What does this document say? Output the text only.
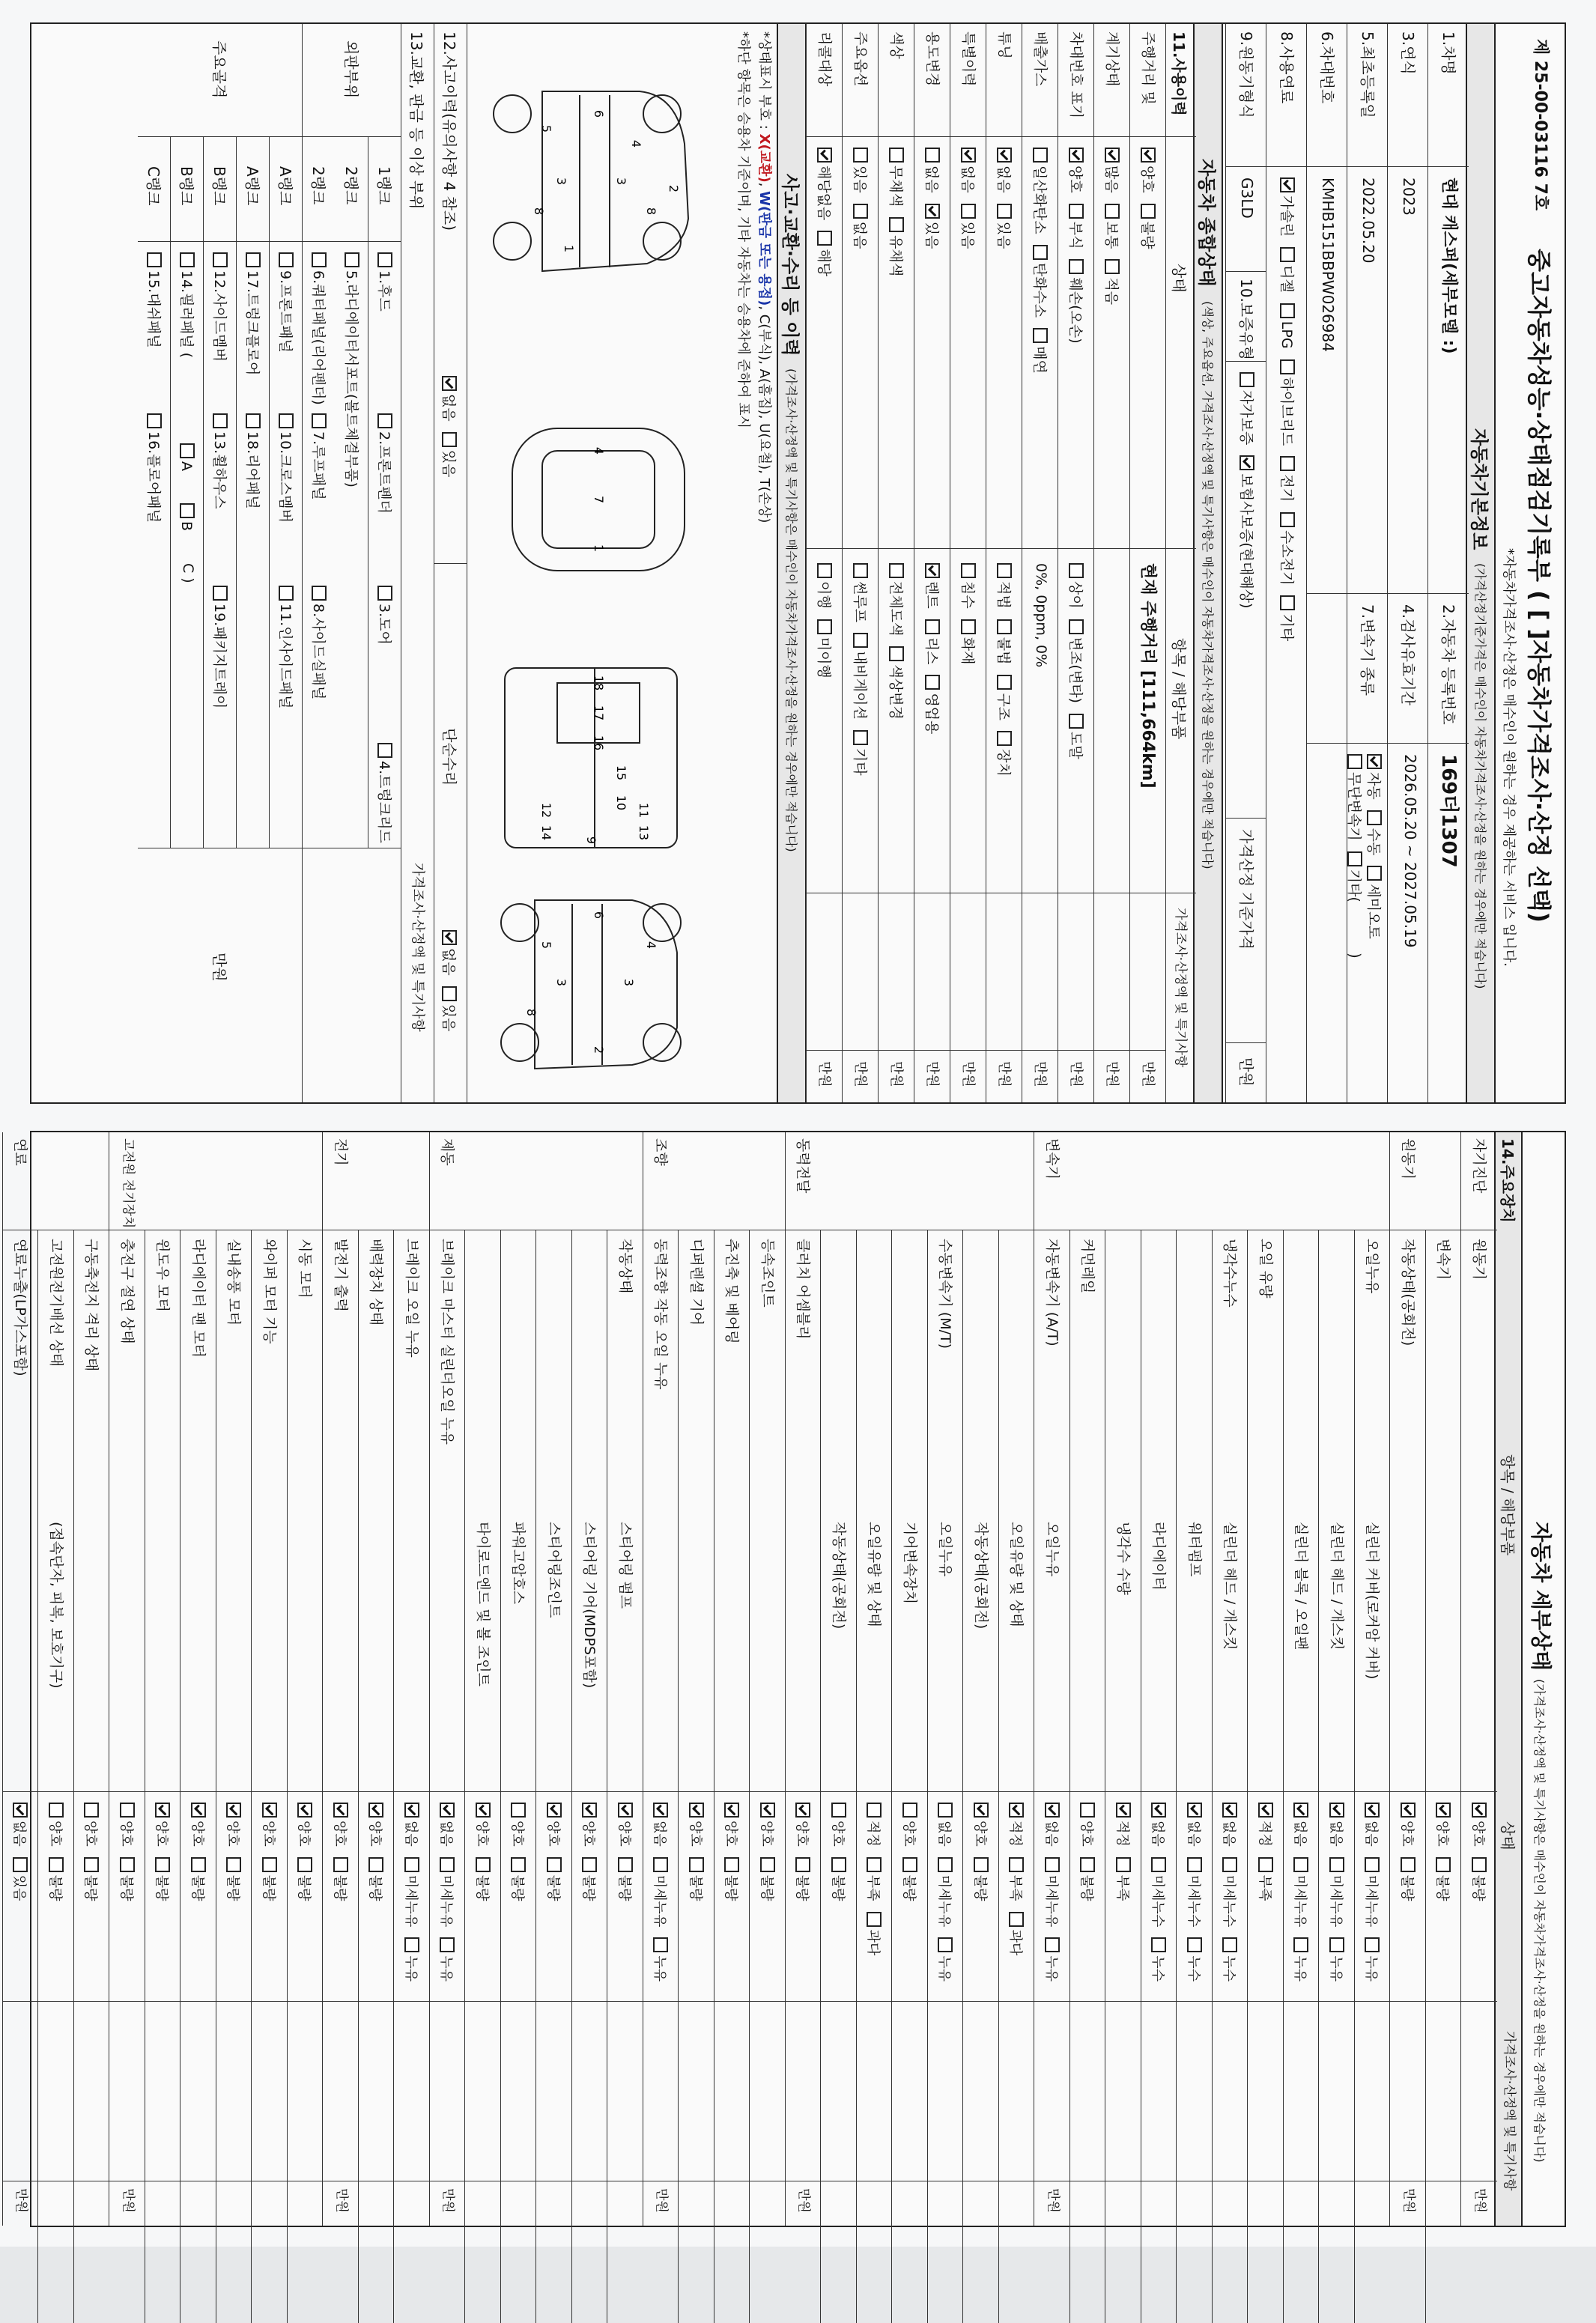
제 25-00-03116 7호
중고자동차성능·상태점검기록부 ( [ ]자동차가격조사·산정 선택)
*자동차가격조사·산정은 매수인이 원하는 경우 제공하는 서비스 입니다.
자동차기본정보
(가격산정기준가격은 매수인이 자동차가격조사·산정을 원하는 경우에만 적습니다)
자동차 종합상태
(색상, 주요옵션, 가격조사·산정액 및 특기사항은 매수인이 자동차가격조사·산정을 원하는 경우에만 적습니다)
11.사용이력
상태
항목 / 해당부품
가격조사·산정액 및 특기사항
사고·교환·수리 등 이력
(가격조사·산정액 및 특기사항은 매수인이 자동차가격조사·산정을 원하는 경우에만 적습니다)
*상태표시 부호 : X(교환), W(판금 또는 용접), C(부식), A(흠집), U(요철), T(손상)
*하단 항목은 승용차 기준이며, 기타 자동차는 승용차에 준하여 표시
1
2
3
3
4
5
6
8	8
1
4
7
16
17
18
15
10 11
12
13
14	9
2
3
3
4
5
6
8
1.차명
현대 캐스퍼(세부모델 :)
2.자동차 등록번호
169더1307
3.연식
2023
4.검사유효기간
2026.05.20 ~ 2027.05.19
5.최초등록일
2022.05.20
7.변속기 종류
자동수동세미오토
무단변속기기타(
)
6.차대번호
KMHB151BBPW026984
8.사용연료
가솔린디젤LPG하이브리드전기수소전기기타
9.원동기형식
G3LD
10.보증유형
자가보증보험사보증(현대해상)
가격산정 기준가격
만원
주행거리 및
양호불량
현재 주행거리 [111,664km]
만원
계기상태
많음보통적음
만원
차대번호 표기
양호부식훼손(오손)
상이변조(변타)도말
만원
배출가스
일산화탄소탄화수소매연
0%, 0ppm, 0%
만원
튜닝
없음있음
적법불법구조장치
만원
특별이력
없음있음
침수화재
만원
용도변경
없음있음
렌트리스영업용
만원
색상
무채색유채색
전체도색색상변경
만원
주요옵션
있음없음
썬루프내비게이션기타
만원
리콜대상
해당없음해당
이행미이행
만원
12.사고이력(유의사항 4 참조)
없음있음
단순수리
없음있음
13.교환, 판금 등 이상 부위
가격조사·산정액 및 특기사항
외판부위
주요골격
만원
1랭크
1.후드
2.프론트펜더
3.도어
4.트렁크리드
2랭크
5.라디에이터서포트(볼트체결부품)
2랭크
6.쿼터패널(리어펜더)
7.루프패널
8.사이드실패널
A랭크
9.프론트패널
10.크로스멤버
11.인사이드패널
A랭크
17.트렁크플로어
18.리어패널
B랭크
12.사이드멤버
13.휠하우스
19.패키지트레이
B랭크
14.필러패널 (
A
B
C )
C랭크
15.대쉬패널
16.플로어패널
자동차 세부상태
(가격조사·산정액 및 특기사항은 매수인이 자동차가격조사·산정을 원하는 경우에만 적습니다)
14.주요장치
항목 / 해당부품
상태
가격조사·산정액 및 특기사항
자기진단
원동기
양호불량
만원
변속기
양호불량
원동기
작동상태(공회전)
양호불량
만원
오일누유
실린더 커버(로커암 커버)
없음미세누유누유
실린더 헤드 / 개스킷
없음미세누유누유
실린더 블록 / 오일팬
없음미세누유누유
오일 유량
적정부족
냉각수누수
실린더 헤드 / 개스킷
없음미세누수누수
워터펌프
없음미세누수누수
라디에이터
없음미세누수누수
냉각수 수량
적정부족
커먼레일
양호불량
변속기
자동변속기 (A/T)
오일누유
없음미세누유누유
만원
오일유량 및 상태
적정부족과다
작동상태(공회전)
양호불량
수동변속기 (M/T)
오일누유
없음미세누유누유
기어변속장치
양호불량
오일유량 및 상태
적정부족과다
작동상태(공회전)
양호불량
동력전달
클러치 어셈블리
양호불량
만원
등속조인트
양호불량
추진축 및 베어링
양호불량
디퍼렌셜 기어
양호불량
조향
동력조향 작동 오일 누유
없음미세누유누유
만원
작동상태
스티어링 펌프
양호불량
스티어링 기어(MDPS포함)
양호불량
스티어링조인트
양호불량
파워고압호스
양호불량
타이로드엔드 및 볼 조인트
양호불량
제동
브레이크 마스터 실린더오일 누유
없음미세누유누유
만원
브레이크 오일 누유
없음미세누유누유
배력장치 상태
양호불량
전기
발전기 출력
양호불량
만원
시동 모터
양호불량
와이퍼 모터 기능
양호불량
실내송풍 모터
양호불량
라디에이터 팬 모터
양호불량
윈도우 모터
양호불량
고전원 전기장치
충전구 절연 상태
양호불량
만원
구동축전지 격리 상태
양호불량
고전원전기배선 상태
(접속단자, 피복, 보호기구)
양호불량
연료
연료누출(LP가스포함)
없음있음
만원
